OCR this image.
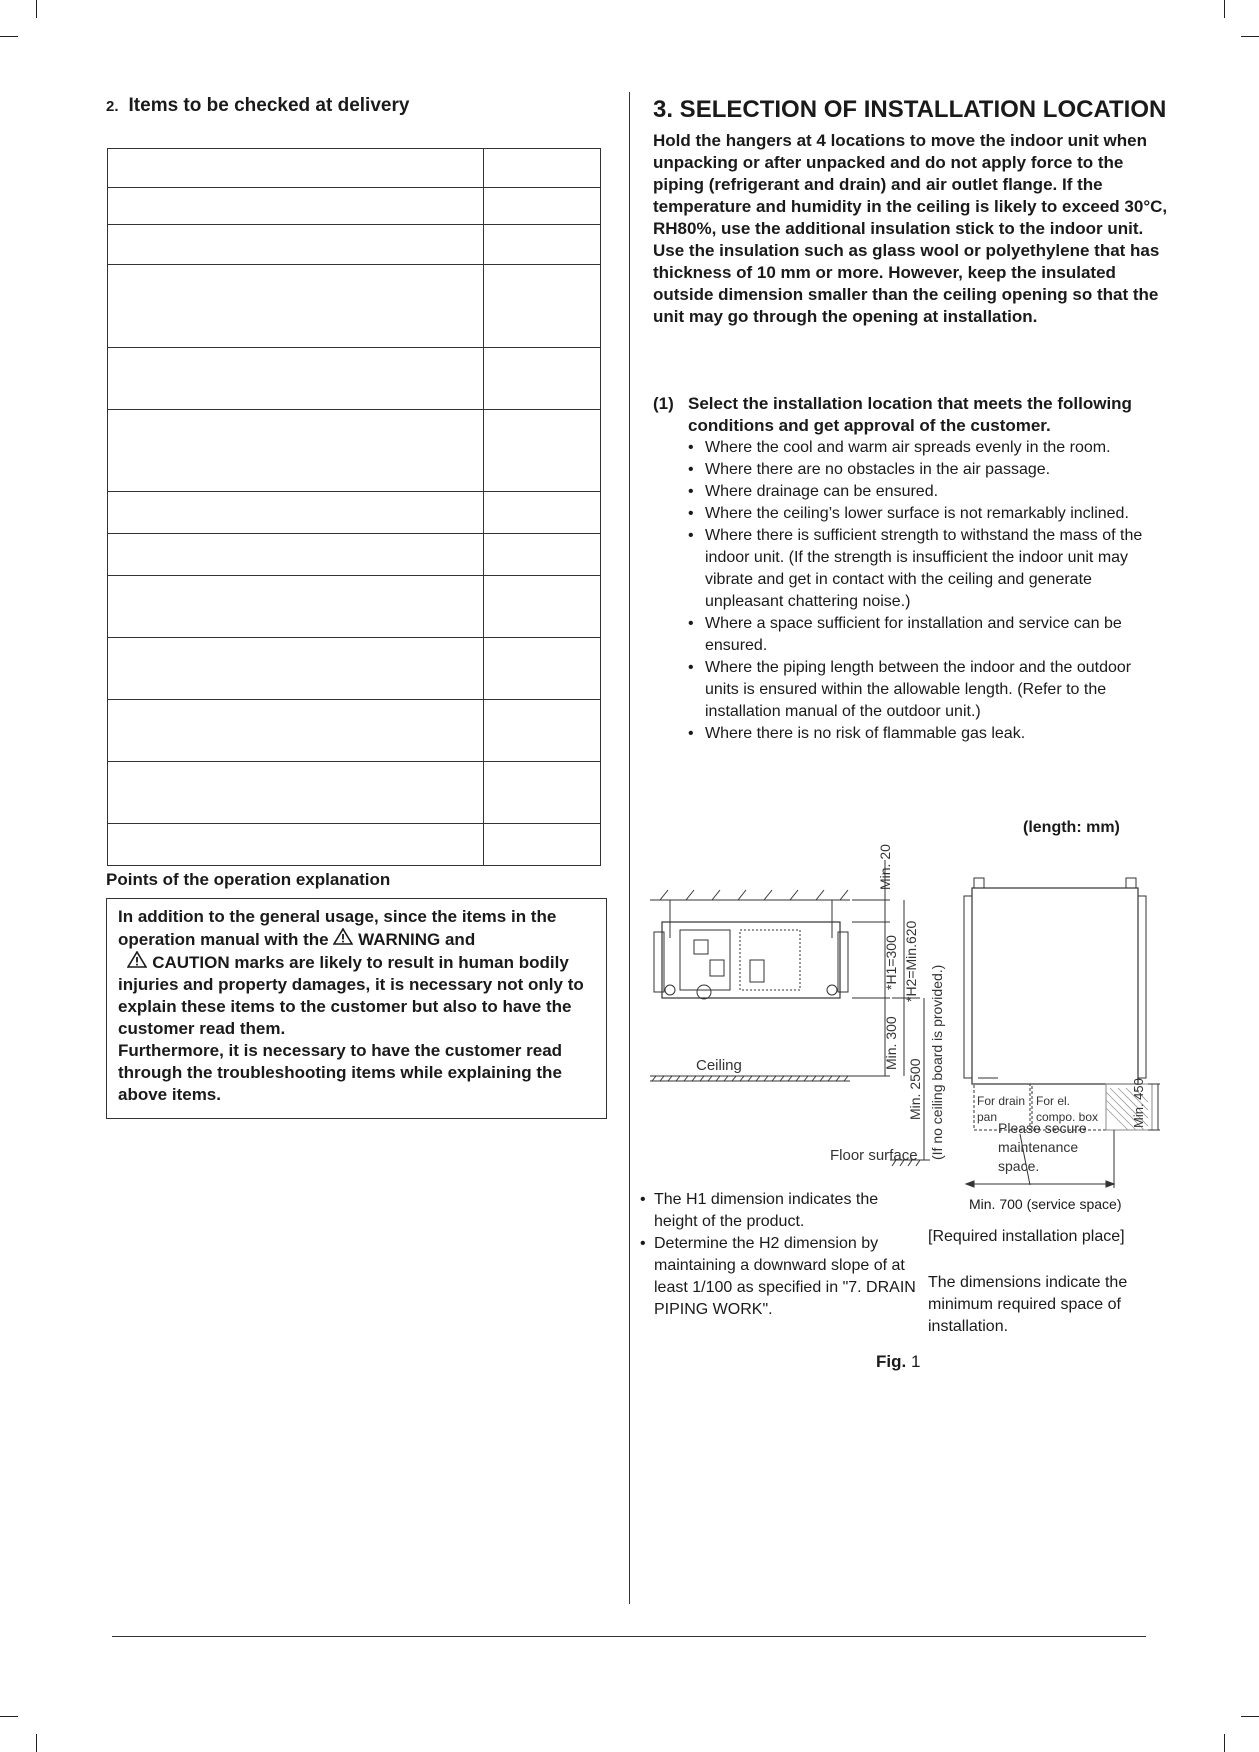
2. Items to be checked at delivery

Points of the operation explanation

In addition to the general usage, since the items in the operation manual with the WARNING and
CAUTION marks are likely to result in human bodily injuries and property damages, it is necessary not only to explain these items to the customer but also to have the customer read them.

Furthermore, it is necessary to have the customer read through the troubleshooting items while explaining the above items.

3. SELECTION OF INSTALLATION LOCATION

Hold the hangers at 4 locations to move the indoor unit when unpacking or after unpacked and do not apply force to the piping (refrigerant and drain) and air outlet flange. If the temperature and humidity in the ceiling is likely to exceed 30°C, RH80%, use the additional insulation stick to the indoor unit.

Use the insulation such as glass wool or polyethylene that has thickness of 10 mm or more. However, keep the insulated outside dimension smaller than the ceiling opening so that the unit may go through the opening at installation.

(1) Select the installation location that meets the following conditions and get approval of the customer.
• Where the cool and warm air spreads evenly in the room.
• Where there are no obstacles in the air passage.
• Where drainage can be ensured.
• Where the ceiling’s lower surface is not remarkably inclined.
• Where there is sufficient strength to withstand the mass of the indoor unit. (If the strength is insufficient the indoor unit may vibrate and get in contact with the ceiling and generate unpleasant chattering noise.)
• Where a space sufficient for installation and service can be ensured.
• Where the piping length between the indoor and the outdoor units is ensured within the allowable length. (Refer to the installation manual of the outdoor unit.)
• Where there is no risk of flammable gas leak.
(length: mm)
Min. 20
*H1=300 *H2=Min.620
Min. 300
Min. 2500 (If no ceiling board is provided.)
Ceiling
Floor surface
For drain
pan
For el.
compo. box	Min. 450
Please secure
maintenance
space.
Min. 700 (service space)
• The H1 dimension indicates the height of the product.
• Determine the H2 dimension by maintaining a downward slope of at least 1/100 as specified in "7. DRAIN PIPING WORK".
[Required installation place]
The dimensions indicate the minimum required space of installation.
Fig. 1
